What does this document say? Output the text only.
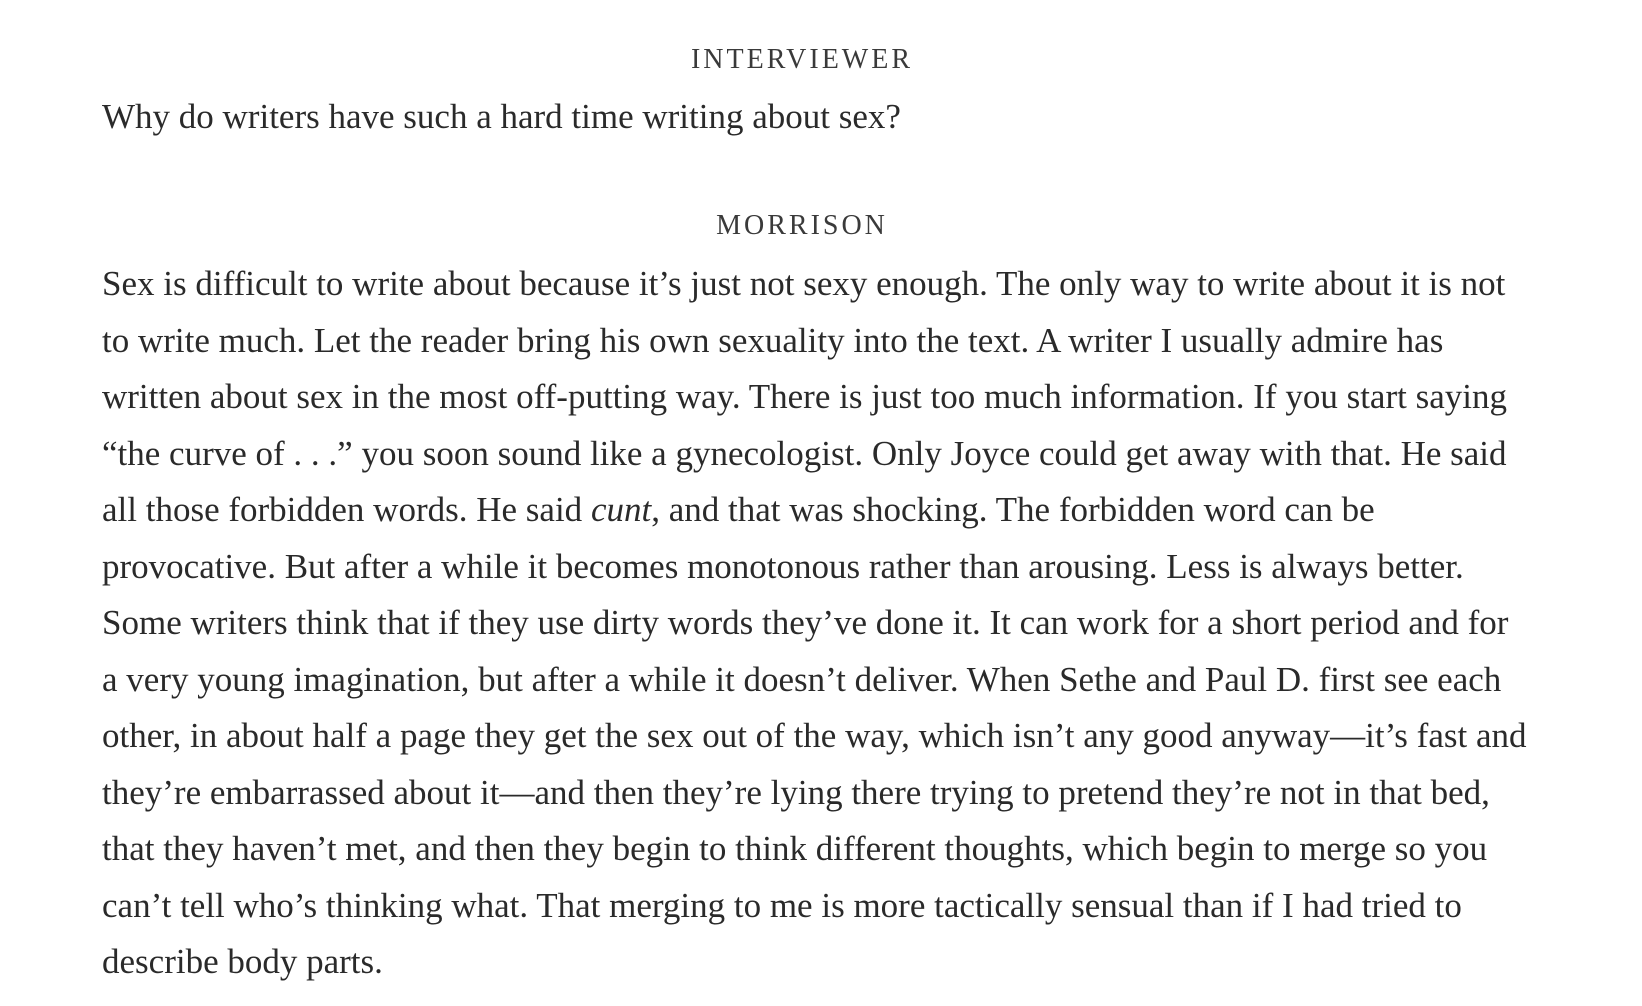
INTERVIEWER
Why do writers have such a hard time writing about sex?
MORRISON
Sex is difficult to write about because it’s just not sexy enough. The only way to write about it is not
to write much. Let the reader bring his own sexuality into the text. A writer I usually admire has
written about sex in the most off-putting way. There is just too much information. If you start saying
“the curve of . . .” you soon sound like a gynecologist. Only Joyce could get away with that. He said
all those forbidden words. He said cunt, and that was shocking. The forbidden word can be
provocative. But after a while it becomes monotonous rather than arousing. Less is always better.
Some writers think that if they use dirty words they’ve done it. It can work for a short period and for
a very young imagination, but after a while it doesn’t deliver. When Sethe and Paul D. first see each
other, in about half a page they get the sex out of the way, which isn’t any good anyway—it’s fast and
they’re embarrassed about it—and then they’re lying there trying to pretend they’re not in that bed,
that they haven’t met, and then they begin to think different thoughts, which begin to merge so you
can’t tell who’s thinking what. That merging to me is more tactically sensual than if I had tried to
describe body parts.
